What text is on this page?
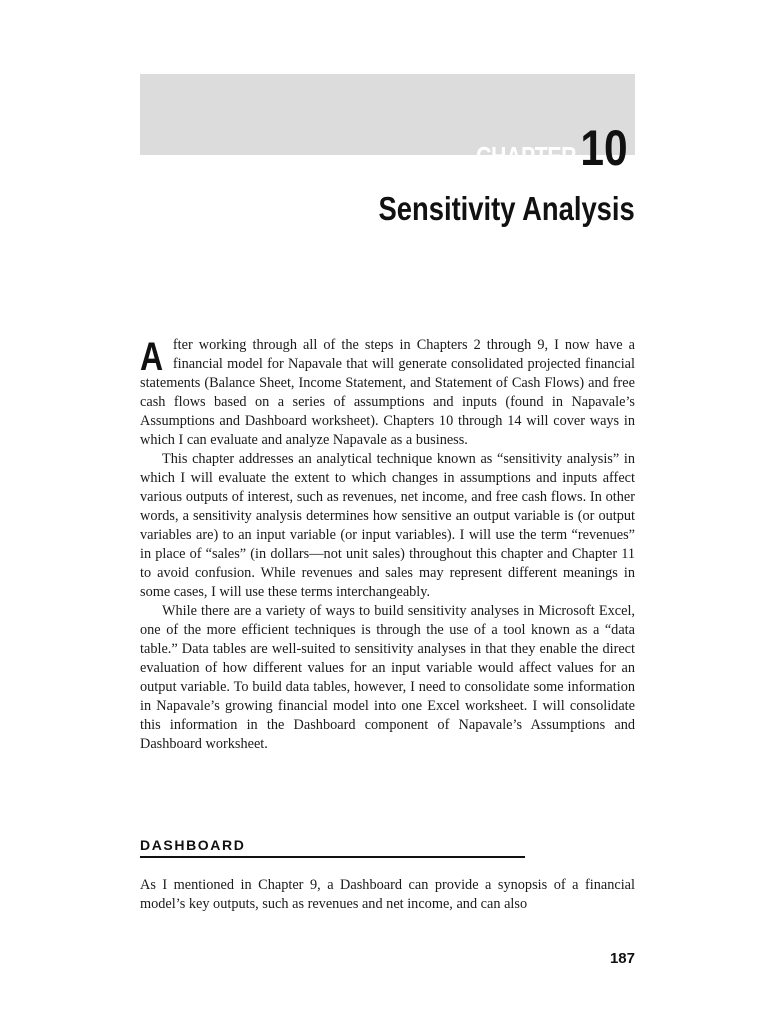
CHAPTER 10
Sensitivity Analysis

After working through all of the steps in Chapters 2 through 9, I now have a financial model for Napavale that will generate consolidated projected financial statements (Balance Sheet, Income Statement, and Statement of Cash Flows) and free cash flows based on a series of assumptions and inputs (found in Napavale’s Assumptions and Dashboard worksheet). Chapters 10 through 14 will cover ways in which I can evaluate and analyze Napavale as a business.

This chapter addresses an analytical technique known as “sensitivity analysis” in which I will evaluate the extent to which changes in assumptions and inputs affect various outputs of interest, such as revenues, net income, and free cash flows. In other words, a sensitivity analysis determines how sensitive an output variable is (or output variables are) to an input variable (or input variables). I will use the term “revenues” in place of “sales” (in dollars—not unit sales) throughout this chapter and Chapter 11 to avoid confusion. While revenues and sales may represent different meanings in some cases, I will use these terms interchangeably.

While there are a variety of ways to build sensitivity analyses in Microsoft Excel, one of the more efficient techniques is through the use of a tool known as a “data table.” Data tables are well-suited to sensitivity analyses in that they enable the direct evaluation of how different values for an input variable would affect values for an output variable. To build data tables, however, I need to consolidate some information in Napavale’s growing financial model into one Excel worksheet. I will consolidate this information in the Dashboard component of Napavale’s Assumptions and Dashboard worksheet.

DASHBOARD

As I mentioned in Chapter 9, a Dashboard can provide a synopsis of a financial model’s key outputs, such as revenues and net income, and can also

187
